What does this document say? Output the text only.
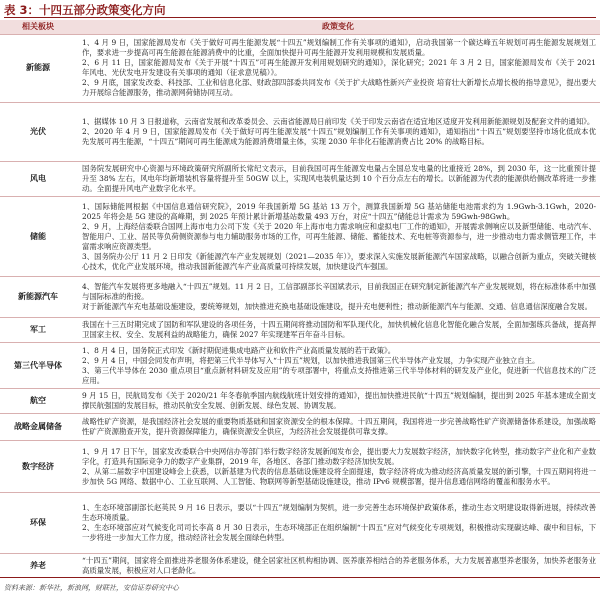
表 3：十四五部分政策变化方向
相关板块	政策变化
新能源	1、4 月 9 日，国家能源局发布《关于做好可再生能源发展“十四五”规划编制工作有关事项的通知》，启动我国第一个碳达峰五年规划可再生能源发展规划工作，要求进一步提高可再生能源在能源消费中的比重，全面加快提升可再生能源开发利用规模和发展质量。
2、6 月 11 日，国家能源局发布《关于开展“十四五”可再生能源开发利用规划研究的通知》，深化研究；2021 年 3 月 2 日，国家能源局发布《关于 2021 年风电、光伏发电开发建设有关事项的通知（征求意见稿）》。
2、9 月底，国家发改委、科技部、工业和信息化部、财政部四部委共同发布《关于扩大战略性新兴产业投资 培育壮大新增长点增长极的指导意见》，提出要大力开展综合能源服务，推动源网荷储协同互动。

光伏	1、据媒体 10 月 3 日报道称，云南省发展和改革委员会、云南省能源局日前印发《关于印发云南省在适宜地区适度开发利用新能源规划及配套文件的通知》。
2、2020 年 4 月 9 日，国家能源局发布《关于做好可再生能源发展“十四五”规划编制工作有关事项的通知》，通知指出“十四五”规划要坚持市场化低成本优先发展可再生能源，“十四五”期间可再生能源成为能源消费增量主体，实现 2030 年非化石能源消费占比 20% 的战略目标。

风电	国务院发展研究中心资源与环境政策研究所副所长常纪文表示，目前我国可再生能源发电量占全国总发电量的比重接近 28%，到 2030 年，这一比重预计提升至 38% 左右，风电年均新增装机容量将提升至 50GW 以上，实现风电装机量达到 10 个百分点左右的增长。以新能源为代表的能源供给侧改革将进一步推动。全面提升风电产业数字化水平。

储能	1、国际储能网根据《中国信息通信研究院》，2019 年我国新增 5G 基站 13 万个，测算我国新增 5G 基站储能电池需求约为 1.9Gwh-3.1Gwh，2020-2025 年将会是 5G 建设的高峰期，到 2025 年预计累计新增基站数量 493 万台，对应“十四五”储能总计需求为 59Gwh-98Gwh。
2、9 月，上海经信委联合国网上海市电力公司下发《关于 2020 年上海市电力需求响应和虚拟电厂工作的通知》，开展需求侧响应以及新型储能、电动汽车、智能用户、工业、居民等负荷侧资源参与电力辅助服务市场的工作，可再生能源、储能、蓄能技术、充电桩等资源参与，进一步推动电力需求侧管理工作，丰富需求响应资源类型。
3、国务院办公厅 11 月 2 日印发《新能源汽车产业发展规划（2021—2035 年）》，要求深入实施发展新能源汽车国家战略，以融合创新为重点，突破关键核心技术，优化产业发展环境，推动我国新能源汽车产业高质量可持续发展，加快建设汽车强国。

新能源汽车	4、智能汽车发展将更多地融入“十四五”规划。11 月 2 日，工信部副部长辛国斌表示，目前我国正在研究制定新能源汽车产业发展规划，将在标准体系中加强与国际标准的衔接。
对于新能源汽车充电基础设施建设，要统筹规划，加快推进充换电基础设施建设，提升充电便利性；推动新能源汽车与能源、交通、信息通信深度融合发展。

军工	我国在十三五时期完成了国防和军队建设的各项任务，十四五期间将推动国防和军队现代化，加快机械化信息化智能化融合发展，全面加强练兵备战，提高捍卫国家主权、安全、发展利益的战略能力，确保 2027 年实现建军百年奋斗目标。

第三代半导体	1、8 月 4 日，国务院正式印发《新时期促进集成电路产业和软件产业高质量发展的若干政策》。
2、9 月 4 日，中国会同发布声明，将把第三代半导体写入“十四五”规划，以加快推进我国第三代半导体产业发展，力争实现产业独立自主。
3、第三代半导体在 2030 重点项目“重点新材料研发及应用”的专项部署中，将重点支持推进第三代半导体材料的研发及产业化，促进新一代信息技术的广泛应用。

航空	9 月 15 日，民航局发布《关于 2020/21 年冬春航季国内航线航班计划安排的通知》，提出加快推进民航“十四五”规划编制，提出到 2025 年基本建成全面支撑民航强国的发展目标，推动民航安全发展、创新发展、绿色发展、协调发展。

战略金属储备	战略性矿产资源，是我国经济社会发展的重要物质基础和国家资源安全的根本保障。十四五期间，我国将进一步完善战略性矿产资源储备体系建设，加强战略性矿产资源勘查开发，提升资源保障能力，确保资源安全供应，为经济社会发展提供可靠支撑。

数字经济	1、9 月 17 日下午，国家发改委联合中央网信办等部门举行数字经济发展新闻发布会，提出要大力发展数字经济，加快数字化转型，推动数字产业化和产业数字化，打造具有国际竞争力的数字产业集群，2019 年，各地区、各部门推动数字经济加快发展。
2、从第二届数字中国建设峰会上获悉，以新基建为代表的信息基础设施建设将全面提速，数字经济将成为推动经济高质量发展的新引擎，十四五期间将进一步加快 5G 网络、数据中心、工业互联网、人工智能、物联网等新型基础设施建设，推动 IPv6 规模部署，提升信息通信网络的覆盖和服务水平。

环保	1、生态环境部副部长赵英民 9 月 16 日表示，要以“十四五”规划编制为契机，进一步完善生态环境保护政策体系，推动生态文明建设取得新进展，持续改善生态环境质量。
2、生态环境部应对气候变化司司长李高 8 月 30 日表示，生态环境部正在组织编制“十四五”应对气候变化专项规划，积极推动实现碳达峰、碳中和目标，下一步将进一步加大工作力度，推动经济社会发展全面绿色转型。

养老	“十四五”期间，国家将全面推进养老服务体系建设，健全居家社区机构相协调、医养康养相结合的养老服务体系，大力发展普惠型养老服务，加快养老服务业高质量发展，积极应对人口老龄化。
资料来源：新华社，新浪网，财联社，安信证券研究中心
